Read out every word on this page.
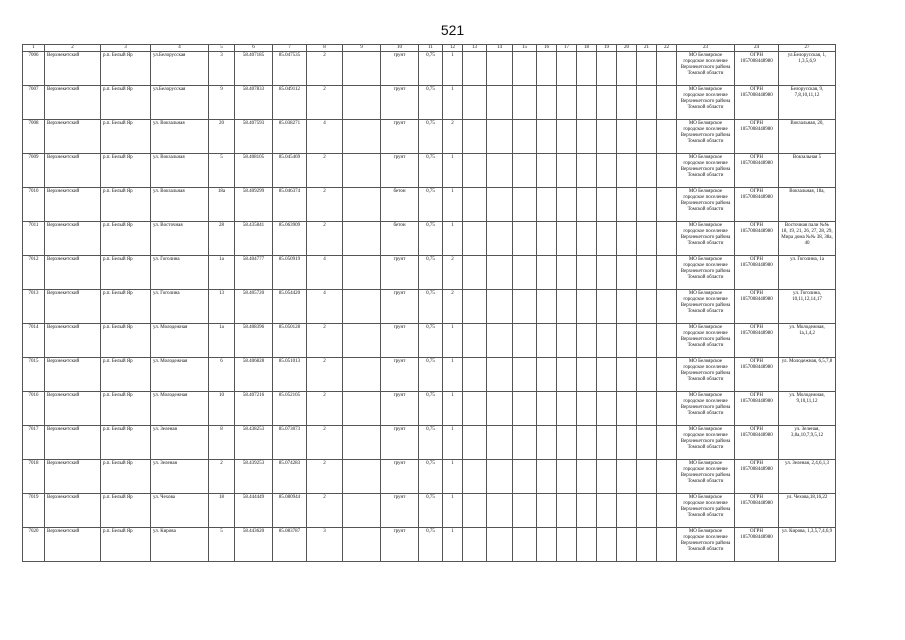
521
1	2	3	4	5	6	7	8	9	10	11	12	13	14	15	16	17	18	19	20	21	22	23	24	27
7006	Верхнекетский	р.п. Белый Яр	ул.Белорусская	3	58.407185	85.047535	2		грунт	0,75	1											МО Белоярское городское поселение Верхнекетского района Томской области	ОГРН 1057008448980	ул.Белорусская, 1, 1,3,5,6,9
7007	Верхнекетский	р.п. Белый Яр	ул.Белорусская	9	58.407833	85.049112	2		грунт	0,75	1											МО Белоярское городское поселение Верхнекетского района Томской области	ОГРН 1057008448980	Белорусская, 9, 7,8,10,11,12
7008	Верхнекетский	р.п. Белый Яр	ул. Вокзальная	20	58.407593	85.038271	4		грунт	0,75	2											МО Белоярское городское поселение Верхнекетского района Томской области	ОГРН 1057008448980	Вокзальная, 20,
7009	Верхнекетский	р.п. Белый Яр	ул. Вокзальная	5	58.408105	85.045469	2		грунт	0,75	1											МО Белоярское городское поселение Верхнекетского района Томской области	ОГРН 1057008448980	Вокзальная 5
7010	Верхнекетский	р.п. Белый Яр	ул. Вокзальная	18а	58.409299	85.046374	2		бетон	0,75	1											МО Белоярское городское поселение Верхнекетского района Томской области	ОГРН 1057008448980	Вокзальная, 18а,
7011	Верхнекетский	р.п. Белый Яр	ул. Восточная	28	58.435841	85.063909	2		бетон	0,75	1											МО Белоярское городское поселение Верхнекетского района Томской области	ОГРН 1057008448980	Восточная пали №№ 18, 19, 21, 26, 27, 28, 29, Мира дома №№ 38, 38а, 40
7012	Верхнекетский	р.п. Белый Яр	ул. Гоголина	1а	58.404777	85.050919	4		грунт	0,75	2											МО Белоярское городское поселение Верхнекетского района Томской области	ОГРН 1057008448980	ул. Гоголина, 1а
7013	Верхнекетский	р.п. Белый Яр	ул. Гоголина	13	58.405720	85.054420	4		грунт	0,75	2											МО Белоярское городское поселение Верхнекетского района Томской области	ОГРН 1057008448980	ул. Гоголина, 10,11,12,14,17
7014	Верхнекетский	р.п. Белый Яр	ул. Молодежная	1а	58.408396	85.050128	2		грунт	0,75	1											МО Белоярское городское поселение Верхнекетского района Томской области	ОГРН 1057008448980	ул. Молодежная, 1а,1,4,2
7015	Верхнекетский	р.п. Белый Яр	ул. Молодежная	6	58.406828	85.051013	2		грунт	0,75	1											МО Белоярское городское поселение Верхнекетского района Томской области	ОГРН 1057008448980	ул. Молодежная, 6,5,7,8
7016	Верхнекетский	р.п. Белый Яр	ул. Молодежная	10	58.407216	85.052105	2		грунт	0,75	1											МО Белоярское городское поселение Верхнекетского района Томской области	ОГРН 1057008448980	ул. Молодежная, 9,10,11,12
7017	Верхнекетский	р.п. Белый Яр	ул. Зеленая	8	58.438253	85.073073	2		грунт	0,75	1											МО Белоярское городское поселение Верхнекетского района Томской области	ОГРН 1057008448980	ул. Зеленая, 3,8а,10,7,9,5,12
7018	Верхнекетский	р.п. Белый Яр	ул. Зеленая	2	58.439253	85.074283	2		грунт	0,75	1											МО Белоярское городское поселение Верхнекетского района Томской области	ОГРН 1057008448980	ул. Зеленая, 2,4,6,1,3
7019	Верхнекетский	р.п. Белый Яр	ул. Чехова	18	58.444449	85.080944	2		грунт	0,75	1											МО Белоярское городское поселение Верхнекетского района Томской области	ОГРН 1057008448980	ул. Чехова,18,16,22
7020	Верхнекетский	р.п. Белый Яр	ул. Кирова	5	58.443620	85.083787	3		грунт	0,75	1											МО Белоярское городское поселение Верхнекетского района Томской области	ОГРН 1057008448980	ул. Кирова, 1,3,5,7,4,6,9
